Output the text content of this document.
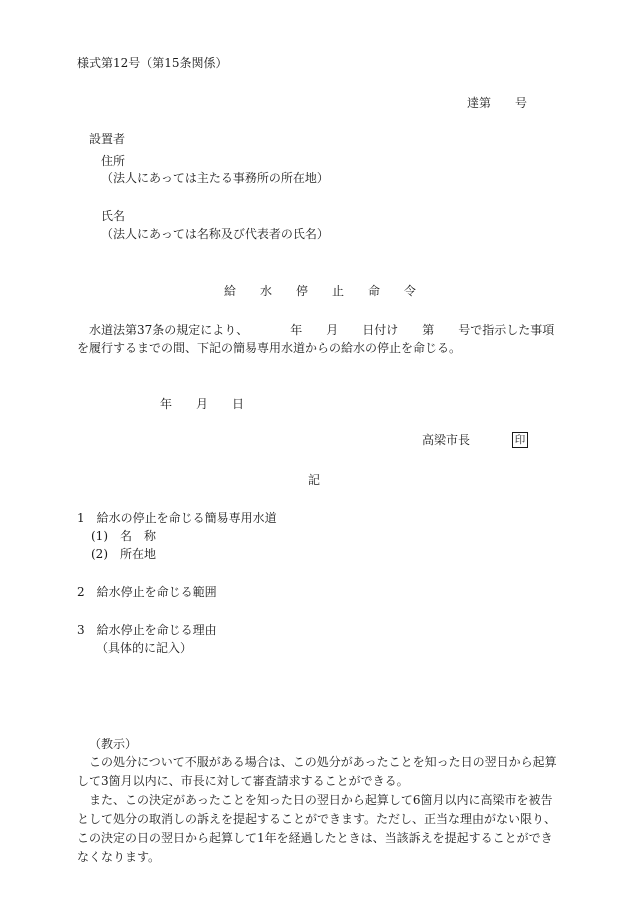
様式第12号（第15条関係）
達第　　号
設置者
住所
（法人にあっては主たる事務所の所在地）
氏名
（法人にあっては名称及び代表者の氏名）
給　　水　　停　　止　　命　　令
水道法第37条の規定により、　　　　年　　月　　日付け　　第　　号で指示した事項
を履行するまでの間、下記の簡易専用水道からの給水の停止を命じる。
年　　月　　日
高梁市長	印
記
1　給水の停止を命じる簡易専用水道
(1)　名　称
(2)　所在地
2　給水停止を命じる範囲
3　給水停止を命じる理由
（具体的に記入）
（教示）
この処分について不服がある場合は、この処分があったことを知った日の翌日から起算
して3箇月以内に、市長に対して審査請求することができる。
また、この決定があったことを知った日の翌日から起算して6箇月以内に高梁市を被告
として処分の取消しの訴えを提起することができます。ただし、正当な理由がない限り、
この決定の日の翌日から起算して1年を経過したときは、当該訴えを提起することができ
なくなります。
